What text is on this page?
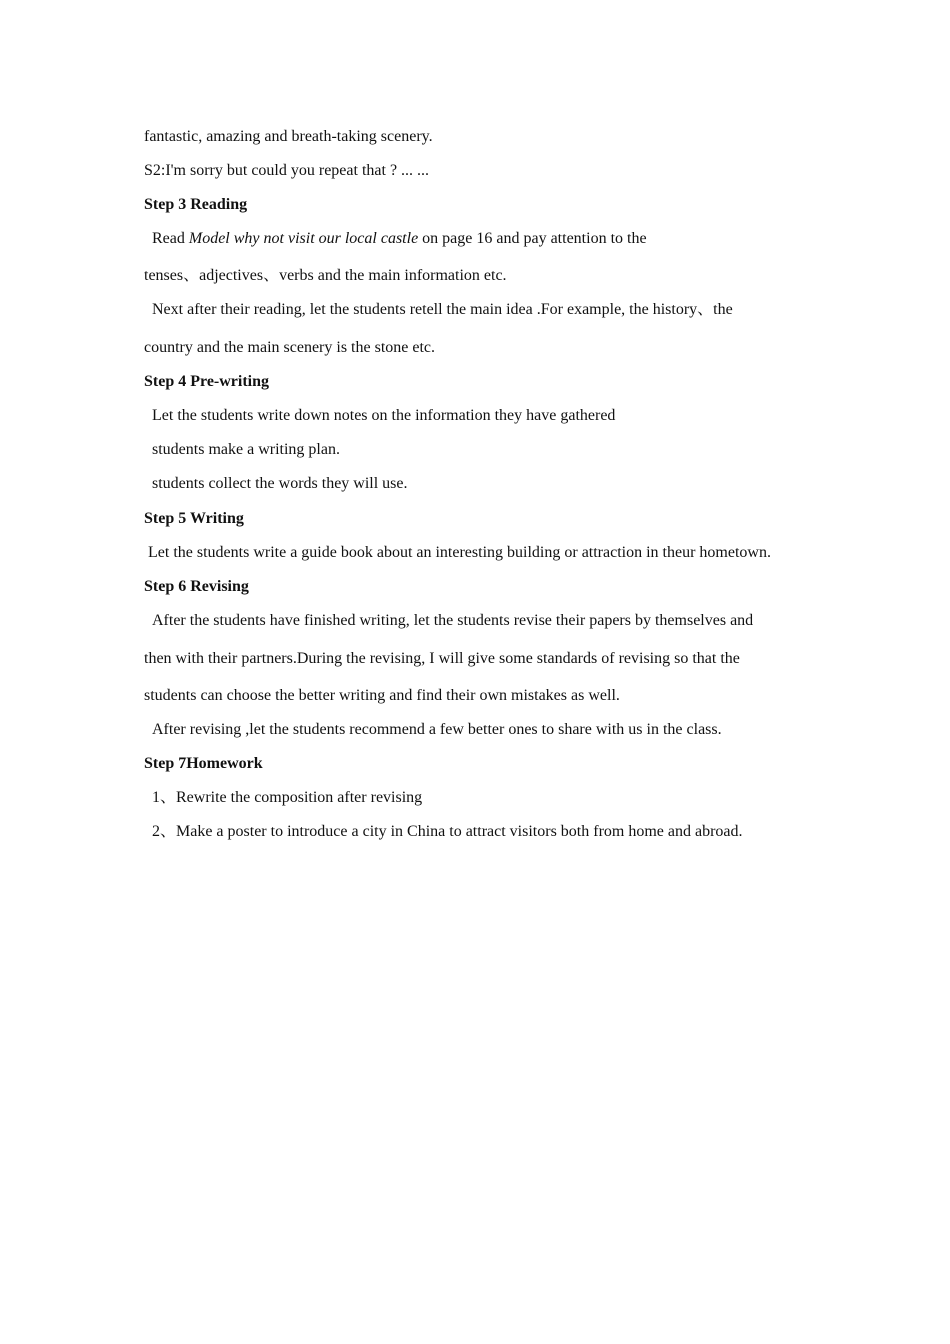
fantastic, amazing and breath-taking scenery.

S2:I'm sorry but could you repeat that ? ... ...

Step 3 Reading

Read Model why not visit our local castle on page 16 and pay attention to the

tenses、adjectives、verbs and the main information etc.

Next after their reading, let the students retell the main idea .For example, the history、the

country and the main scenery is the stone etc.

Step 4 Pre-writing

Let the students write down notes on the information they have gathered

students make a writing plan.

students collect the words they will use.

Step 5 Writing

Let the students write a guide book about an interesting building or attraction in theur hometown.

Step 6 Revising

After the students have finished writing, let the students revise their papers by themselves and

then with their partners.During the revising, I will give some standards of revising so that the

students can choose the better writing and find their own mistakes as well.

After revising ,let the students recommend a few better ones to share with us in the class.

Step 7Homework

1、Rewrite the composition after revising

2、Make a poster to introduce a city in China to attract visitors both from home and abroad.
